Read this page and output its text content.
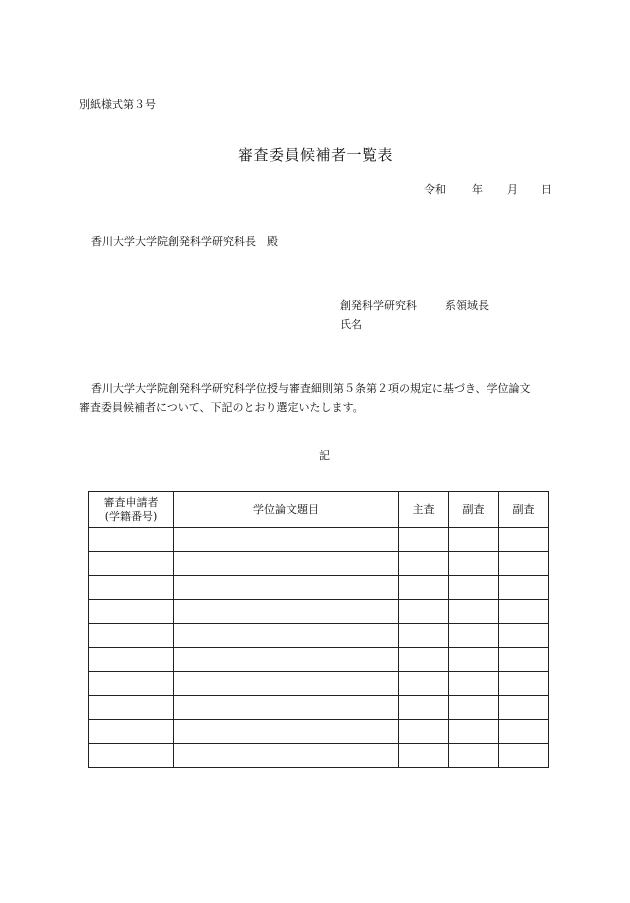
別紙様式第３号
審査委員候補者一覧表
令和 年 月 日
香川大学大学院創発科学研究科長　殿
創発科学研究科	系領域長
氏名
香川大学大学院創発科学研究科学位授与審査細則第５条第２項の規定に基づき、学位論文
審査委員候補者について、下記のとおり選定いたします。
記
審査申請者
(学籍番号)	学位論文題目	主査	副査	副査
